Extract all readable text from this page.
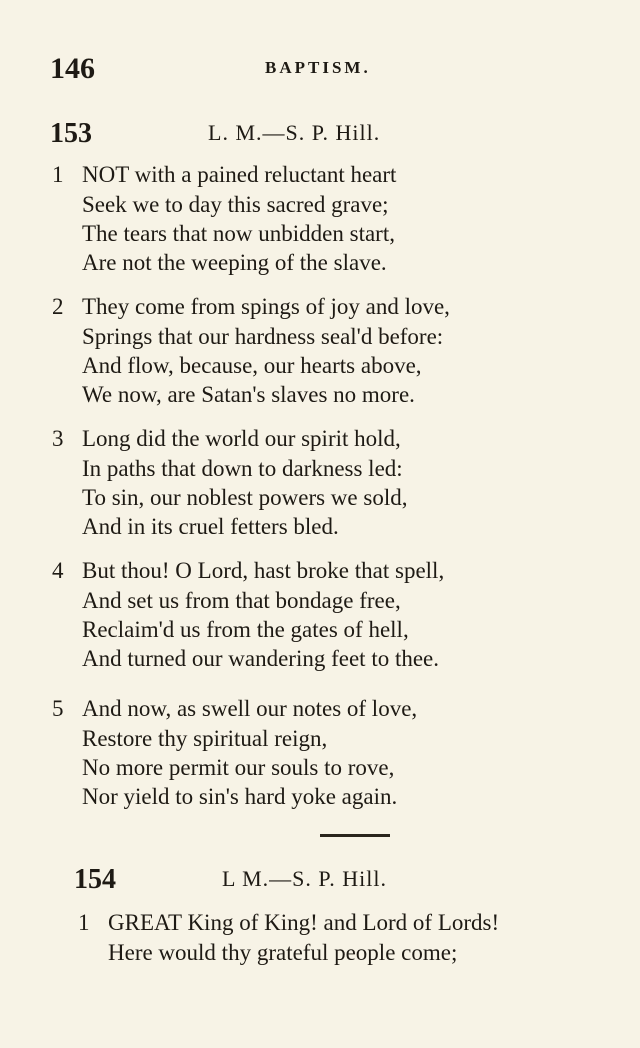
146	BAPTISM.
153	L. M.—S. P. Hill.
1 NOT with a pained reluctant heart
Seek we to day this sacred grave;
The tears that now unbidden start,
Are not the weeping of the slave.
2 They come from spings of joy and love,
Springs that our hardness seal'd before:
And flow, because, our hearts above,
We now, are Satan's slaves no more.
3 Long did the world our spirit hold,
In paths that down to darkness led:
To sin, our noblest powers we sold,
And in its cruel fetters bled.
4 But thou! O Lord, hast broke that spell,
And set us from that bondage free,
Reclaim'd us from the gates of hell,
And turned our wandering feet to thee.
5 And now, as swell our notes of love,
Restore thy spiritual reign,
No more permit our souls to rove,
Nor yield to sin's hard yoke again.
154	L M.—S. P. Hill.
1 GREAT King of King! and Lord of Lords!
Here would thy grateful people come;
